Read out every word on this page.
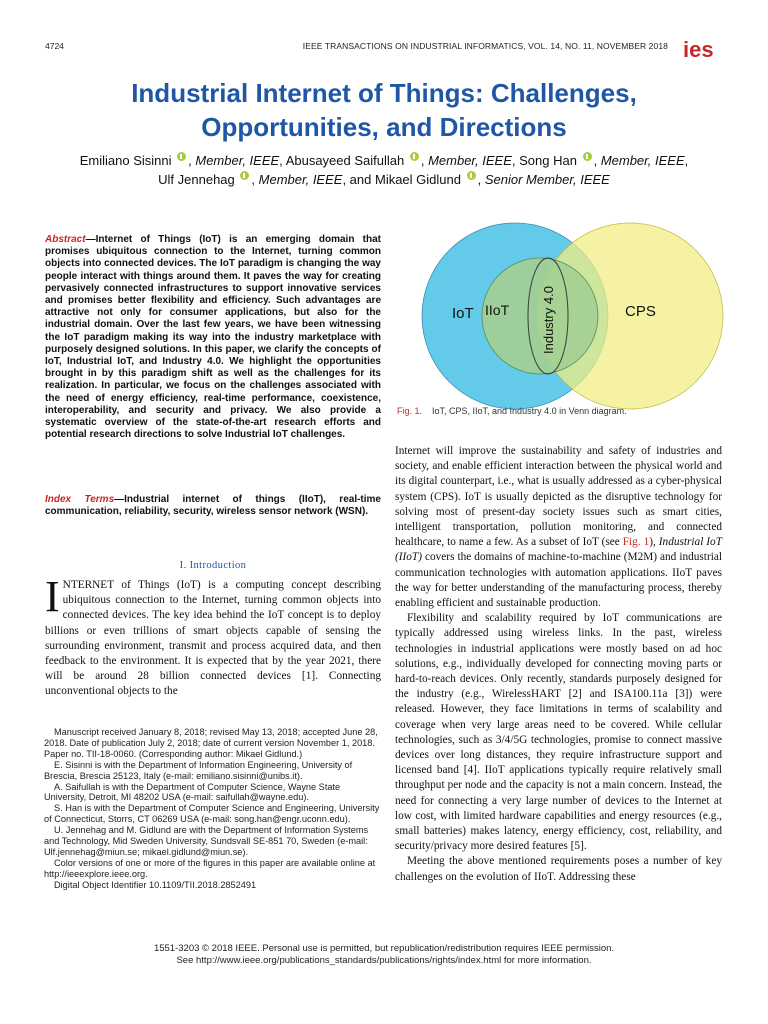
4724	IEEE TRANSACTIONS ON INDUSTRIAL INFORMATICS, VOL. 14, NO. 11, NOVEMBER 2018 ies
Industrial Internet of Things: Challenges,
Opportunities, and Directions
Emiliano Sisinni , Member, IEEE, Abusayeed Saifullah , Member, IEEE, Song Han , Member, IEEE,
Ulf Jennehag , Member, IEEE, and Mikael Gidlund , Senior Member, IEEE
Abstract—Internet of Things (IoT) is an emerging domain that promises ubiquitous connection to the Internet, turning common objects into connected devices. The IoT paradigm is changing the way people interact with things around them. It paves the way for creating pervasively connected infrastructures to support innovative services and promises better flexibility and efficiency. Such advantages are attractive not only for consumer applications, but also for the industrial domain. Over the last few years, we have been witnessing the IoT paradigm making its way into the industry marketplace with purposely designed solutions. In this paper, we clarify the concepts of IoT, Industrial IoT, and Industry 4.0. We highlight the opportunities brought in by this paradigm shift as well as the challenges for its realization. In particular, we focus on the challenges associated with the need of energy efficiency, real-time performance, coexistence, interoperability, and security and privacy. We also provide a systematic overview of the state-of-the-art research efforts and potential research directions to solve Industrial IoT challenges.
Index Terms—Industrial internet of things (IIoT), real-time communication, reliability, security, wireless sensor network (WSN).
I. Introduction
INTERNET of Things (IoT) is a computing concept describing ubiquitous connection to the Internet, turning common objects into connected devices. The key idea behind the IoT concept is to deploy billions or even trillions of smart objects capable of sensing the surrounding environment, transmit and process acquired data, and then feedback to the environment. It is expected that by the year 2021, there will be around 28 billion connected devices [1]. Connecting unconventional objects to the

Manuscript received January 8, 2018; revised May 13, 2018; accepted June 28, 2018. Date of publication July 2, 2018; date of current version November 1, 2018. Paper no. TII-18-0060. (Corresponding author: Mikael Gidlund.)

E. Sisinni is with the Department of Information Engineering, University of Brescia, Brescia 25123, Italy (e-mail: emiliano.sisinni@unibs.it).

A. Saifullah is with the Department of Computer Science, Wayne State University, Detroit, MI 48202 USA (e-mail: saifullah@wayne.edu).

S. Han is with the Department of Computer Science and Engineering, University of Connecticut, Storrs, CT 06269 USA (e-mail: song.han@engr.uconn.edu).

U. Jennehag and M. Gidlund are with the Department of Information Systems and Technology, Mid Sweden University, Sundsvall SE-851 70, Sweden (e-mail: Ulf.jennehag@miun.se; mikael.gidlund@miun.se).

Color versions of one or more of the figures in this paper are available online at http://ieeexplore.ieee.org.

Digital Object Identifier 10.1109/TII.2018.2852491

IoT IIoT	CPS
Industry 4.0
Fig. 1. IoT, CPS, IIoT, and Industry 4.0 in Venn diagram.

Internet will improve the sustainability and safety of industries and society, and enable efficient interaction between the physical world and its digital counterpart, i.e., what is usually addressed as a cyber-physical system (CPS). IoT is usually depicted as the disruptive technology for solving most of present-day society issues such as smart cities, intelligent transportation, pollution monitoring, and connected healthcare, to name a few. As a subset of IoT (see Fig. 1), Industrial IoT (IIoT) covers the domains of machine-to-machine (M2M) and industrial communication technologies with automation applications. IIoT paves the way for better understanding of the manufacturing process, thereby enabling efficient and sustainable production.

Flexibility and scalability required by IoT communications are typically addressed using wireless links. In the past, wireless technologies in industrial applications were mostly based on ad hoc solutions, e.g., individually developed for connecting moving parts or hard-to-reach devices. Only recently, standards purposely designed for the industry (e.g., WirelessHART [2] and ISA100.11a [3]) were released. However, they face limitations in terms of scalability and coverage when very large areas need to be covered. While cellular technologies, such as 3/4/5G technologies, promise to connect massive devices over long distances, they require infrastructure support and licensed band [4]. IIoT applications typically require relatively small throughput per node and the capacity is not a main concern. Instead, the need for connecting a very large number of devices to the Internet at low cost, with limited hardware capabilities and energy resources (e.g., small batteries) makes latency, energy efficiency, cost, reliability, and security/privacy more desired features [5].

Meeting the above mentioned requirements poses a number of key challenges on the evolution of IIoT. Addressing these

1551-3203 © 2018 IEEE. Personal use is permitted, but republication/redistribution requires IEEE permission.
See http://www.ieee.org/publications_standards/publications/rights/index.html for more information.
